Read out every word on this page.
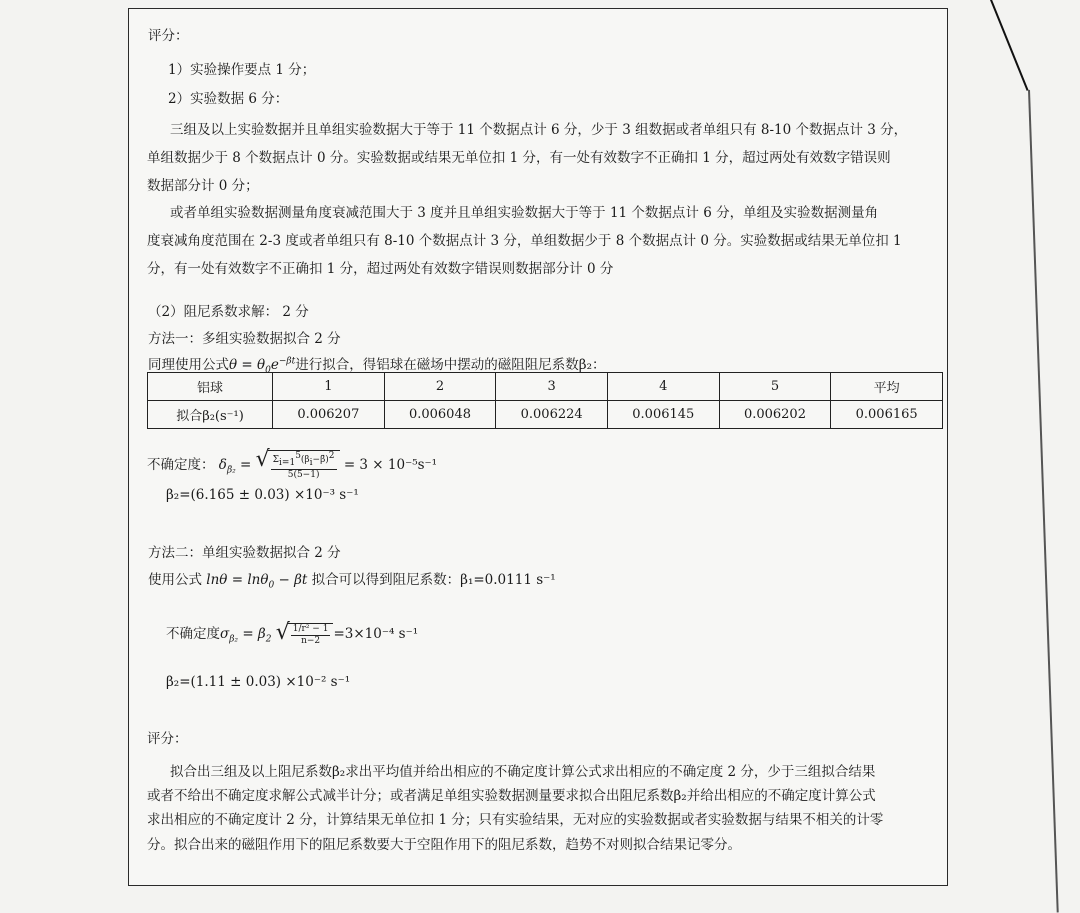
评分：
1）实验操作要点 1 分；
2）实验数据 6 分：
三组及以上实验数据并且单组实验数据大于等于 11 个数据点计 6 分，少于 3 组数据或者单组只有 8-10 个数据点计 3 分，
单组数据少于 8 个数据点计 0 分。实验数据或结果无单位扣 1 分，有一处有效数字不正确扣 1 分，超过两处有效数字错误则
数据部分计 0 分；
或者单组实验数据测量角度衰减范围大于 3 度并且单组实验数据大于等于 11 个数据点计 6 分，单组及实验数据测量角
度衰减角度范围在 2-3 度或者单组只有 8-10 个数据点计 3 分，单组数据少于 8 个数据点计 0 分。实验数据或结果无单位扣 1
分，有一处有效数字不正确扣 1 分，超过两处有效数字错误则数据部分计 0 分
（2）阻尼系数求解： 2 分
方法一：多组实验数据拟合 2 分
同理使用公式$\theta = \theta_0e^{-\beta t}$进行拟合，得铝球在磁场中摆动的磁阻阻尼系数β₂：
铝球	1	2	3	4	5	平均
拟合β₂(s⁻¹)	0.006207	0.006048	0.006224	0.006145	0.006202	0.006165
不确定度： $\delta_{\betā_2}$ = √ $\frac{\Sigma_{i=1}^5(\beta_i-\betā)^2}{5(5-1)} = 3 \times 10^{-5}s^{-1}$
β₂=(6.165 ± 0.03) ×10⁻³ s⁻¹
方法二：单组实验数据拟合 2 分
使用公式 lnθ = lnθ$_0$ − βt 拟合可以得到阻尼系数：β₁=0.0111 s⁻¹
不确定度$\sigma_{\beta_2} = \beta_2$ √ $\frac{\text{1/r² − 1}}{n-2} =3\times 10^{-4}$ s⁻¹
β₂=(1.11 ± 0.03) ×10⁻² s⁻¹
评分：
拟合出三组及以上阻尼系数β₂求出平均值并给出相应的不确定度计算公式求出相应的不确定度 2 分，少于三组拟合结果
或者不给出不确定度求解公式减半计分；或者满足单组实验数据测量要求拟合出阻尼系数β₂并给出相应的不确定度计算公式
求出相应的不确定度计 2 分，计算结果无单位扣 1 分；只有实验结果，无对应的实验数据或者实验数据与结果不相关的计零
分。拟合出来的磁阻作用下的阻尼系数要大于空阻作用下的阻尼系数，趋势不对则拟合结果记零分。
